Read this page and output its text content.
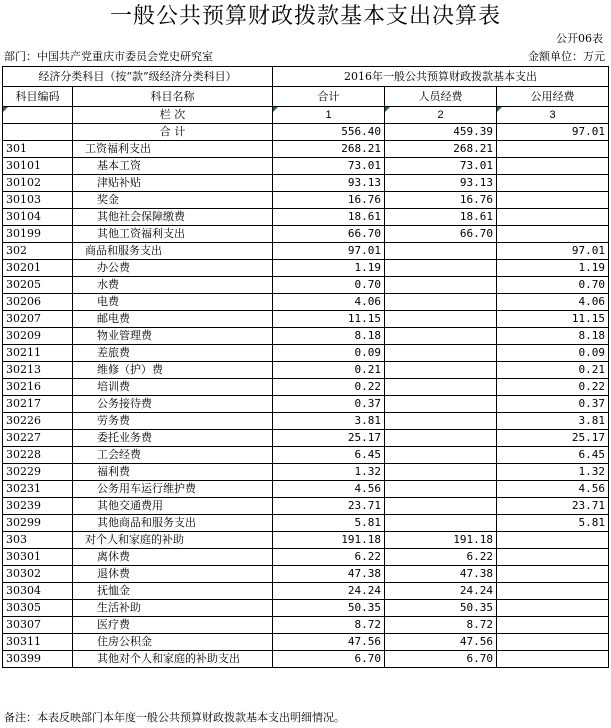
一般公共预算财政拨款基本支出决算表
公开06表
部门：中国共产党重庆市委员会党史研究室	金额单位：万元
经济分类科目（按“款”级经济分类科目）		2016年一般公共预算财政拨款基本支出		
科目编码	科目名称	合计	人员经费	公用经费
	栏 次	1	2	3
	合 计	556.40	459.39	97.01
301	工资福利支出	268.21	268.21	
30101	基本工资	73.01	73.01	
30102	津贴补贴	93.13	93.13	
30103	奖金	16.76	16.76	
30104	其他社会保障缴费	18.61	18.61	
30199	其他工资福利支出	66.70	66.70	
302	商品和服务支出	97.01		97.01
30201	办公费	1.19		1.19
30205	水费	0.70		0.70
30206	电费	4.06		4.06
30207	邮电费	11.15		11.15
30209	物业管理费	8.18		8.18
30211	差旅费	0.09		0.09
30213	维修（护）费	0.21		0.21
30216	培训费	0.22		0.22
30217	公务接待费	0.37		0.37
30226	劳务费	3.81		3.81
30227	委托业务费	25.17		25.17
30228	工会经费	6.45		6.45
30229	福利费	1.32		1.32
30231	公务用车运行维护费	4.56		4.56
30239	其他交通费用	23.71		23.71
30299	其他商品和服务支出	5.81		5.81
303	对个人和家庭的补助	191.18	191.18	
30301	离休费	6.22	6.22	
30302	退休费	47.38	47.38	
30304	抚恤金	24.24	24.24	
30305	生活补助	50.35	50.35	
30307	医疗费	8.72	8.72	
30311	住房公积金	47.56	47.56	
30399	其他对个人和家庭的补助支出	6.70	6.70	
备注：本表反映部门本年度一般公共预算财政拨款基本支出明细情况。
